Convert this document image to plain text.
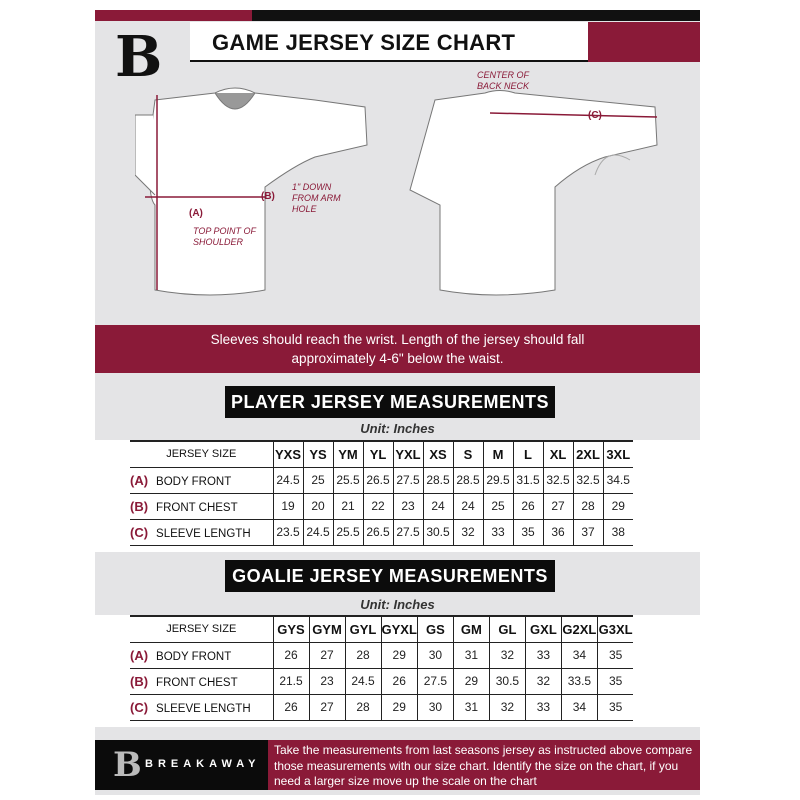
B	GAME JERSEY SIZE CHART
(A)
TOP POINT OF SHOULDER
(B)
1" DOWN FROM ARM HOLE
(C)
CENTER OF BACK NECK
Sleeves should reach the wrist. Length of the jersey should fall
approximately 4-6" below the waist.
PLAYER JERSEY MEASUREMENTS
Unit: Inches
JERSEY SIZE	YXS	YS	YM	YL	YXL	XS	S	M	L	XL	2XL	3XL
(A) BODY FRONT	24.5	25	25.5	26.5	27.5	28.5	28.5	29.5	31.5	32.5	32.5	34.5
(B) FRONT CHEST	19	20	21	22	23	24	24	25	26	27	28	29
(C) SLEEVE LENGTH	23.5	24.5	25.5	26.5	27.5	30.5	32	33	35	36	37	38
GOALIE JERSEY MEASUREMENTS
Unit: Inches
JERSEY SIZE	GYS	GYM	GYL	GYXL	GS	GM	GL	GXL	G2XL	G3XL
(A) BODY FRONT	26	27	28	29	30	31	32	33	34	35
(B) FRONT CHEST	21.5	23	24.5	26	27.5	29	30.5	32	33.5	35
(C) SLEEVE LENGTH	26	27	28	29	30	31	32	33	34	35
B BREAKAWAY
Take the measurements from last seasons jersey as instructed above compare those measurements with our size chart. Identify the size on the chart, if you need a larger size move up the scale on the chart
